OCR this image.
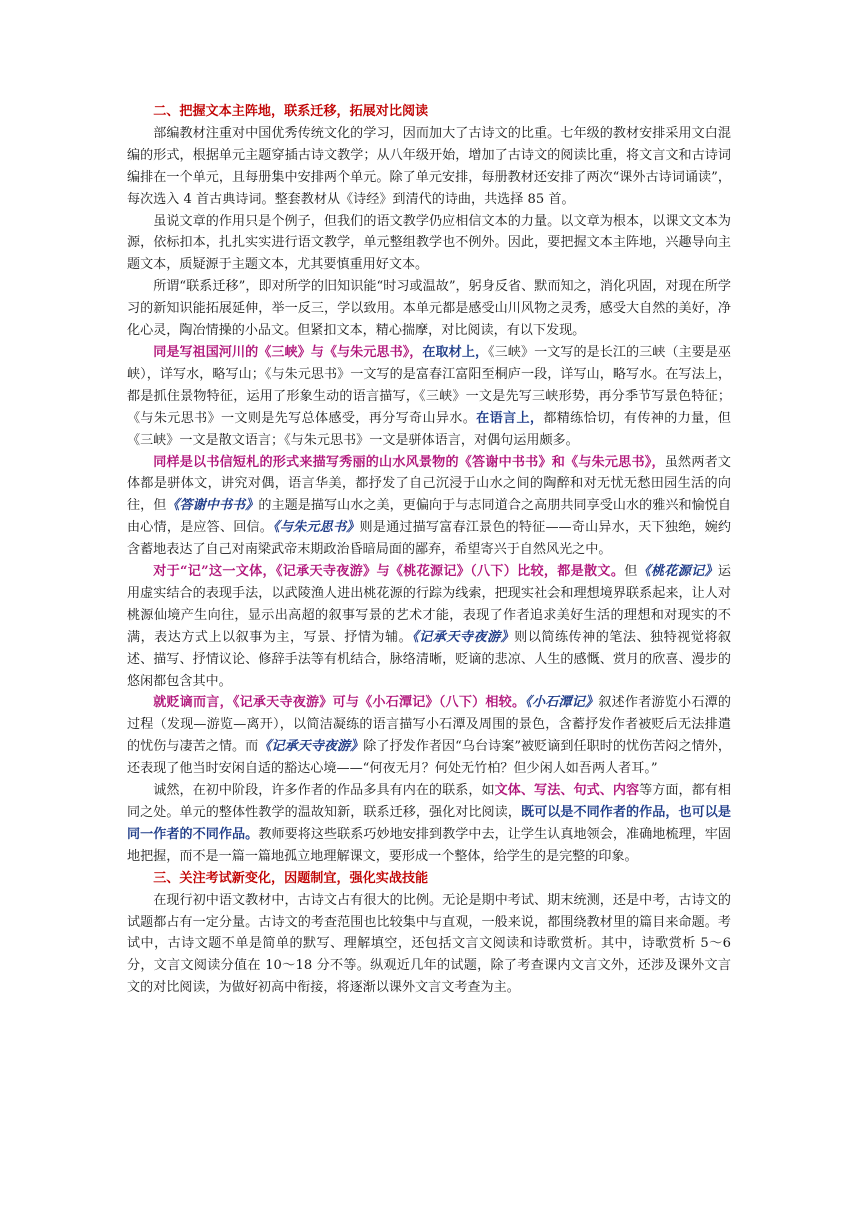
二、把握文本主阵地，联系迁移，拓展对比阅读

部编教材注重对中国优秀传统文化的学习，因而加大了古诗文的比重。七年级的教材安排采用文白混编的形式，根据单元主题穿插古诗文教学；从八年级开始，增加了古诗文的阅读比重，将文言文和古诗词编排在一个单元，且每册集中安排两个单元。除了单元安排，每册教材还安排了两次“课外古诗词诵读”，每次选入 4 首古典诗词。整套教材从《诗经》到清代的诗曲，共选择 85 首。

虽说文章的作用只是个例子，但我们的语文教学仍应相信文本的力量。以文章为根本，以课文文本为源，依标扣本，扎扎实实进行语文教学，单元整组教学也不例外。因此，要把握文本主阵地，兴趣导向主题文本，质疑源于主题文本，尤其要慎重用好文本。

所谓“联系迁移”，即对所学的旧知识能“时习或温故”，躬身反省、默而知之，消化巩固，对现在所学习的新知识能拓展延伸，举一反三，学以致用。本单元都是感受山川风物之灵秀，感受大自然的美好，净化心灵，陶冶情操的小品文。但紧扣文本，精心揣摩，对比阅读，有以下发现。

同是写祖国河川的《三峡》与《与朱元思书》，在取材上，《三峡》一文写的是长江的三峡（主要是巫峡），详写水，略写山；《与朱元思书》一文写的是富春江富阳至桐庐一段，详写山，略写水。在写法上，都是抓住景物特征，运用了形象生动的语言描写，《三峡》一文是先写三峡形势，再分季节写景色特征；《与朱元思书》一文则是先写总体感受，再分写奇山异水。在语言上，都精练恰切，有传神的力量，但《三峡》一文是散文语言；《与朱元思书》一文是骈体语言，对偶句运用颇多。

同样是以书信短札的形式来描写秀丽的山水风景物的《答谢中书书》和《与朱元思书》，虽然两者文体都是骈体文，讲究对偶，语言华美，都抒发了自己沉浸于山水之间的陶醉和对无忧无愁田园生活的向往，但《答谢中书书》的主题是描写山水之美，更偏向于与志同道合之高朋共同享受山水的雅兴和愉悦自由心情，是应答、回信。《与朱元思书》则是通过描写富春江景色的特征——奇山异水，天下独绝，婉约含蓄地表达了自己对南梁武帝末期政治昏暗局面的鄙弃，希望寄兴于自然风光之中。

对于“记”这一文体，《记承天寺夜游》与《桃花源记》（八下）比较，都是散文。但《桃花源记》运用虚实结合的表现手法，以武陵渔人进出桃花源的行踪为线索，把现实社会和理想境界联系起来，让人对桃源仙境产生向往，显示出高超的叙事写景的艺术才能，表现了作者追求美好生活的理想和对现实的不满，表达方式上以叙事为主，写景、抒情为辅。《记承天寺夜游》则以简练传神的笔法、独特视觉将叙述、描写、抒情议论、修辞手法等有机结合，脉络清晰，贬谪的悲凉、人生的感慨、赏月的欣喜、漫步的悠闲都包含其中。

就贬谪而言，《记承天寺夜游》可与《小石潭记》（八下）相较。《小石潭记》叙述作者游览小石潭的过程（发现—游览—离开），以简洁凝练的语言描写小石潭及周围的景色，含蓄抒发作者被贬后无法排遣的忧伤与凄苦之情。而《记承天寺夜游》除了抒发作者因“乌台诗案”被贬谪到任职时的忧伤苦闷之情外，还表现了他当时安闲自适的豁达心境——“何夜无月？何处无竹柏？但少闲人如吾两人者耳。”

诚然，在初中阶段，许多作者的作品多具有内在的联系，如文体、写法、句式、内容等方面，都有相同之处。单元的整体性教学的温故知新，联系迁移，强化对比阅读，既可以是不同作者的作品，也可以是同一作者的不同作品。教师要将这些联系巧妙地安排到教学中去，让学生认真地领会，准确地梳理，牢固地把握，而不是一篇一篇地孤立地理解课文，要形成一个整体，给学生的是完整的印象。

三、关注考试新变化，因题制宜，强化实战技能

在现行初中语文教材中，古诗文占有很大的比例。无论是期中考试、期末统测，还是中考，古诗文的试题都占有一定分量。古诗文的考查范围也比较集中与直观，一般来说，都围绕教材里的篇目来命题。考试中，古诗文题不单是简单的默写、理解填空，还包括文言文阅读和诗歌赏析。其中，诗歌赏析 5～6 分，文言文阅读分值在 10～18 分不等。纵观近几年的试题，除了考查课内文言文外，还涉及课外文言文的对比阅读，为做好初高中衔接，将逐渐以课外文言文考查为主。
